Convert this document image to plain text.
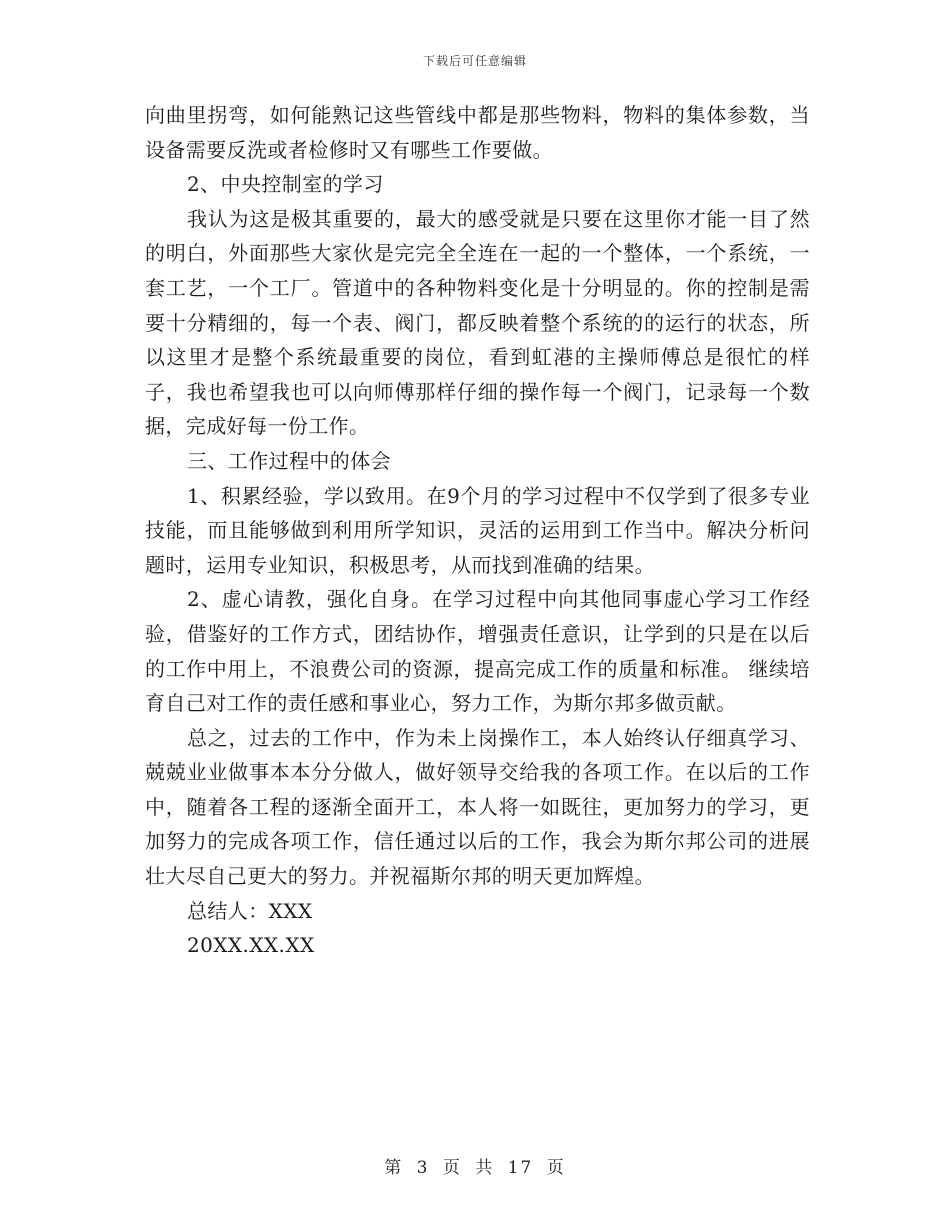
下载后可任意编辑

向曲里拐弯，如何能熟记这些管线中都是那些物料，物料的集体参数，当设备需要反洗或者检修时又有哪些工作要做。

2、中央控制室的学习

我认为这是极其重要的，最大的感受就是只要在这里你才能一目了然的明白，外面那些大家伙是完完全全连在一起的一个整体，一个系统，一套工艺，一个工厂。管道中的各种物料变化是十分明显的。你的控制是需要十分精细的，每一个表、阀门，都反映着整个系统的的运行的状态，所以这里才是整个系统最重要的岗位，看到虹港的主操师傅总是很忙的样子，我也希望我也可以向师傅那样仔细的操作每一个阀门，记录每一个数据，完成好每一份工作。

三、工作过程中的体会

1、积累经验，学以致用。在9个月的学习过程中不仅学到了很多专业技能，而且能够做到利用所学知识，灵活的运用到工作当中。解决分析问题时，运用专业知识，积极思考，从而找到准确的结果。

2、虚心请教，强化自身。在学习过程中向其他同事虚心学习工作经验，借鉴好的工作方式，团结协作，增强责任意识，让学到的只是在以后的工作中用上，不浪费公司的资源，提高完成工作的质量和标准。 继续培育自己对工作的责任感和事业心，努力工作，为斯尔邦多做贡献。

总之，过去的工作中，作为未上岗操作工，本人始终认仔细真学习、兢兢业业做事本本分分做人，做好领导交给我的各项工作。在以后的工作中，随着各工程的逐渐全面开工，本人将一如既往，更加努力的学习，更加努力的完成各项工作，信任通过以后的工作，我会为斯尔邦公司的进展壮大尽自己更大的努力。并祝福斯尔邦的明天更加辉煌。

总结人：XXX

20XX.XX.XX

第 3 页 共 17 页
